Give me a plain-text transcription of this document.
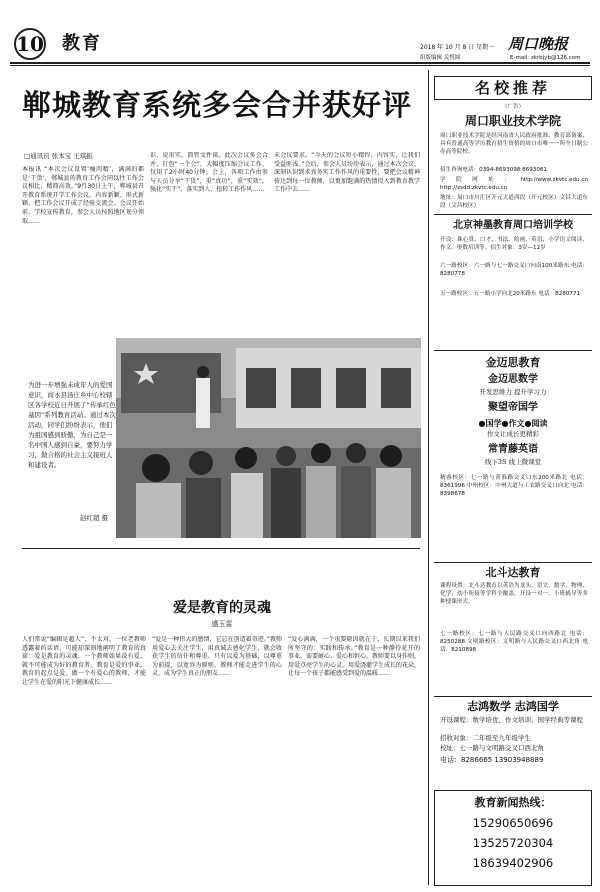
10 教育	2018 年 10 月 8 日 星期一 周口晚报
组版编辑 关悦圆	E-mail: zkrbjyb@126.com
郸城教育系统多会合并获好评
□通讯员 张本宝 王琪振
本报讯 “本次会议设置‘瘦肉精’，满满的都是‘干货’，郸城县的教育工作会同以往工作会议相比，精简高效。”9月30日上午，郸城县召开教育系统开学工作会议，内容新颖、形式新颖，把工作会议开成了经验交流会。会议开始前，学校宣传教育，参会人员按照地区划分领取……
识、说重实，简管文件谈。此次会议多会合并，打包“一个会”，大幅度压缩会议工作，仅用了2小时40分钟。会上，各项工作由参与人员分享“干货”，重“真功”，重“实效”，强化“实干”，落实到人，扭转工作作风……
未会议要求。“今天的会议短小精悍、内容实，让我们受益匪浅。”会后，参会人员纷纷表示，通过本次会议，深刻认识到求真务实工作作风的重要性，要把会议精神传达到每一位教师，以更加饱满的热情投入到教育教学工作中去……
为进一步增强未成年人的爱国意识，商水县汤庄乡中心校辖区各学校近日开展了“传承红色基因”系列教育活动。通过本次活动，同学们纷纷表示，他们为祖国感到骄傲，为自己是一名中国人感到自豪，要努力学习，做合格的社会主义接班人和建设者。
赵红超 摄
爱是教育的灵魂
盛玉雷
人们常说“编辑是超人”，不太对，一位老教师透露着的话语，可能却深刻地阐明了教育的真谛：爱是教育的灵魂。一个教师如果没有爱，就不可能成为好的教育者。教育是爱的事业，教育的起点是爱。做一个有爱心的教师，才能让学生在爱的阳光下健康成长……
“爱是一种伟大的感情，它总在创造着奇迹。”教师用爱心去关注学生，用真诚去感化学生，就会收获学生的信任和尊重。只有以爱为基础，以尊重为前提，以宽容为原则，教师才能走进学生的心灵，成为学生真正的朋友……
“爱心满满，一个重要原因就在于，长期以来我们所坚守的：实践和传承。”教育是一种静待花开的事业，需要耐心、爱心和恒心。教师要以身作则，用爱点亮学生的心灵，用爱浇灌学生成长的花朵，让每一个孩子都能感受到爱的温暖……
名校推荐
（广告）
周口职业技术学院
周口职业技术学院是经河南省人民政府批准、教育部备案，具有普通高等学历教育招生资格的周口市唯一一所全日制公办高等院校。
招生咨询电话：0394-8693098 8693081
学院网址：http://www.zkvtc.edu.cn http://zsdd.zkvtc.edu.cn
地址：周口市川汇区开元大道西段（开元校区）文昌大道东段（文昌校区）
北京神墨教育周口培训学校
开设：珠心算、口才、书法、绘画、英语、小学语文阅读、作文、奥数培训等。招生对象：3岁—12岁
六一路校区：六一路与七一路交叉口向南100米路东 电话：8280778
五一路校区：五一路小学向北20米路东 电话：8280771
金迈思教育
金迈思数学
开发思维力 提升学习力
聚望帝国学
●国学●作文●阅读
作文让成长更精彩
常青藤英语
线下3S 线上微课堂
精睿校区：七一路与黄淮路交叉口东200米路北 电话：8361996 中州校区：中州大道与工农路交叉口向北 电话：8398678
北斗达教育
课程设置：北斗达教育以英语为龙头，语文、数学、物理、化学、幼小衔接等学科全覆盖，开设一对一、小班辅导等多种授课形式。
七一路校区：七一路与人民路交叉口向西路北 电话：8250288 文明路校区：文明路与人民路交叉口西北角 电话：8210898
志鸿数学 志鸿国学
开设课程：数学培优、作文培训、国学经典等课程
招收对象：二年级至九年级学生
校址：七一路与文明路交叉口西北角
电话：8286665 13903948889
教育新闻热线：
15290650696
13525720304
18639402906
